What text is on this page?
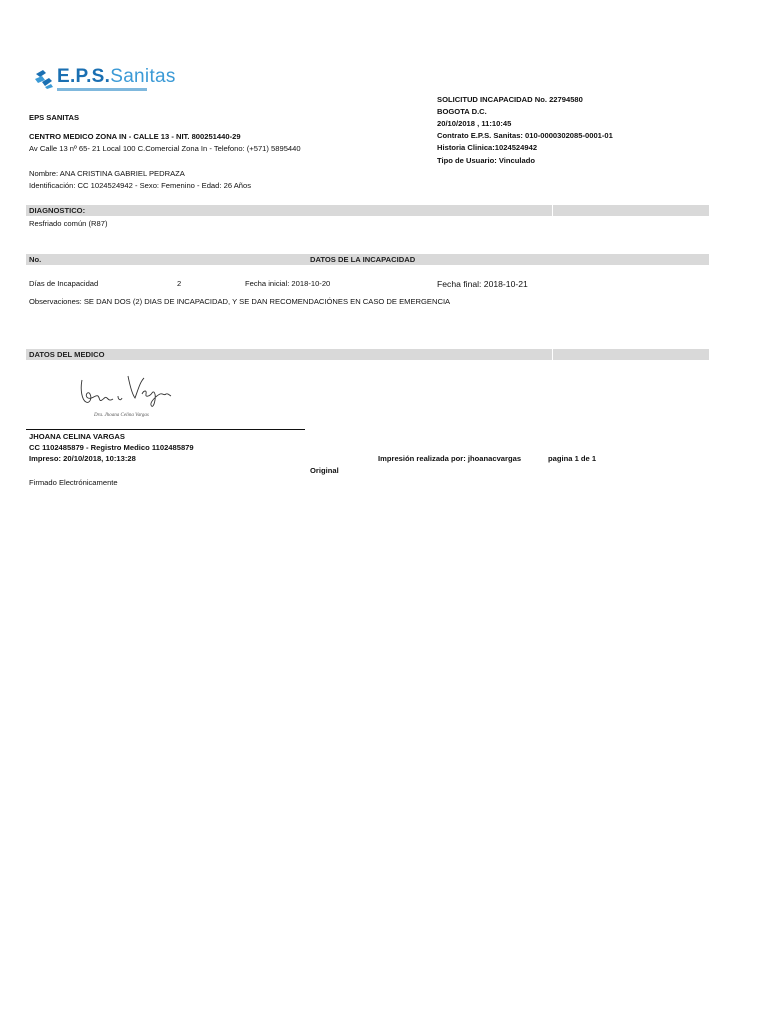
E.P.S.Sanitas
SOLICITUD INCAPACIDAD No. 22794580
BOGOTA D.C.
20/10/2018 , 11:10:45
Contrato E.P.S. Sanitas: 010-0000302085-0001-01
Historia Clinica:1024524942
Tipo de Usuario: Vinculado
EPS SANITAS
CENTRO MEDICO ZONA IN - CALLE 13 - NIT. 800251440-29
Av Calle 13 nº 65- 21 Local 100 C.Comercial Zona In - Telefono: (+571) 5895440
Nombre: ANA CRISTINA GABRIEL PEDRAZA
Identificación: CC 1024524942 - Sexo: Femenino - Edad: 26 Años
DIAGNOSTICO:
Resfriado común (R87)
No.	DATOS DE LA INCAPACIDAD
Días de Incapacidad	2	Fecha inicial: 2018-10-20	Fecha final: 2018-10-21
Observaciones: SE DAN DOS (2) DIAS DE INCAPACIDAD, Y SE DAN RECOMENDACIÓNES EN CASO DE EMERGENCIA
DATOS DEL MEDICO
Dra. Jhoana Celina Vargas
JHOANA CELINA VARGAS
CC 1102485879 - Registro Medico 1102485879
Impreso: 20/10/2018, 10:13:28
Original
Impresión realizada por: jhoanacvargas	pagina 1 de 1
Firmado Electrónicamente
